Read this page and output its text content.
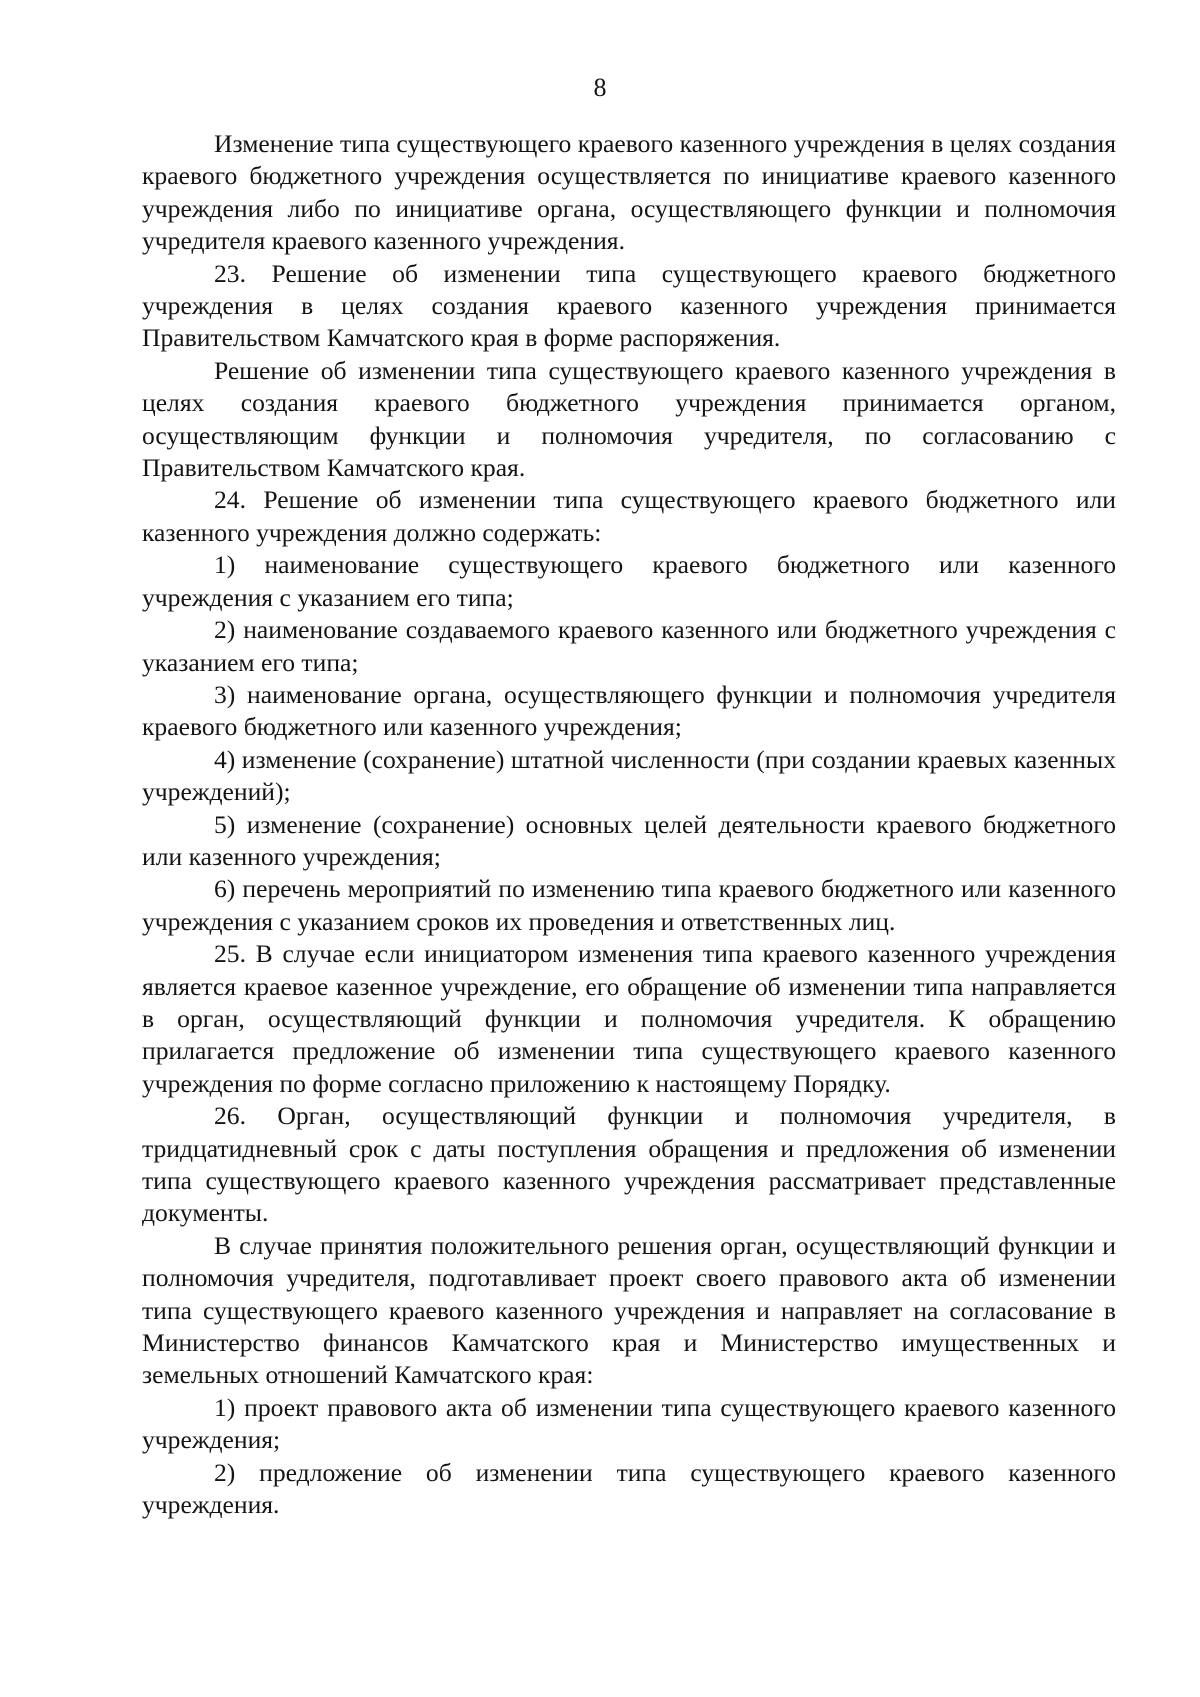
8

Изменение типа существующего краевого казенного учреждения в целях создания краевого бюджетного учреждения осуществляется по инициативе краевого казенного учреждения либо по инициативе органа, осуществляющего функции и полномочия учредителя краевого казенного учреждения.

23. Решение об изменении типа существующего краевого бюджетного учреждения в целях создания краевого казенного учреждения принимается Правительством Камчатского края в форме распоряжения.

Решение об изменении типа существующего краевого казенного учреждения в целях создания краевого бюджетного учреждения принимается органом, осуществляющим функции и полномочия учредителя, по согласованию с Правительством Камчатского края.

24. Решение об изменении типа существующего краевого бюджетного или казенного учреждения должно содержать:

1) наименование существующего краевого бюджетного или казенного учреждения с указанием его типа;

2) наименование создаваемого краевого казенного или бюджетного учреждения с указанием его типа;

3) наименование органа, осуществляющего функции и полномочия учредителя краевого бюджетного или казенного учреждения;

4) изменение (сохранение) штатной численности (при создании краевых казенных учреждений);

5) изменение (сохранение) основных целей деятельности краевого бюджетного или казенного учреждения;

6) перечень мероприятий по изменению типа краевого бюджетного или казенного учреждения с указанием сроков их проведения и ответственных лиц.

25. В случае если инициатором изменения типа краевого казенного учреждения является краевое казенное учреждение, его обращение об изменении типа направляется в орган, осуществляющий функции и полномочия учредителя. К обращению прилагается предложение об изменении типа существующего краевого казенного учреждения по форме согласно приложению к настоящему Порядку.

26. Орган, осуществляющий функции и полномочия учредителя, в тридцатидневный срок с даты поступления обращения и предложения об изменении типа существующего краевого казенного учреждения рассматривает представленные документы.

В случае принятия положительного решения орган, осуществляющий функции и полномочия учредителя, подготавливает проект своего правового акта об изменении типа существующего краевого казенного учреждения и направляет на согласование в Министерство финансов Камчатского края и Министерство имущественных и земельных отношений Камчатского края:

1) проект правового акта об изменении типа существующего краевого казенного учреждения;

2) предложение об изменении типа существующего краевого казенного учреждения.
